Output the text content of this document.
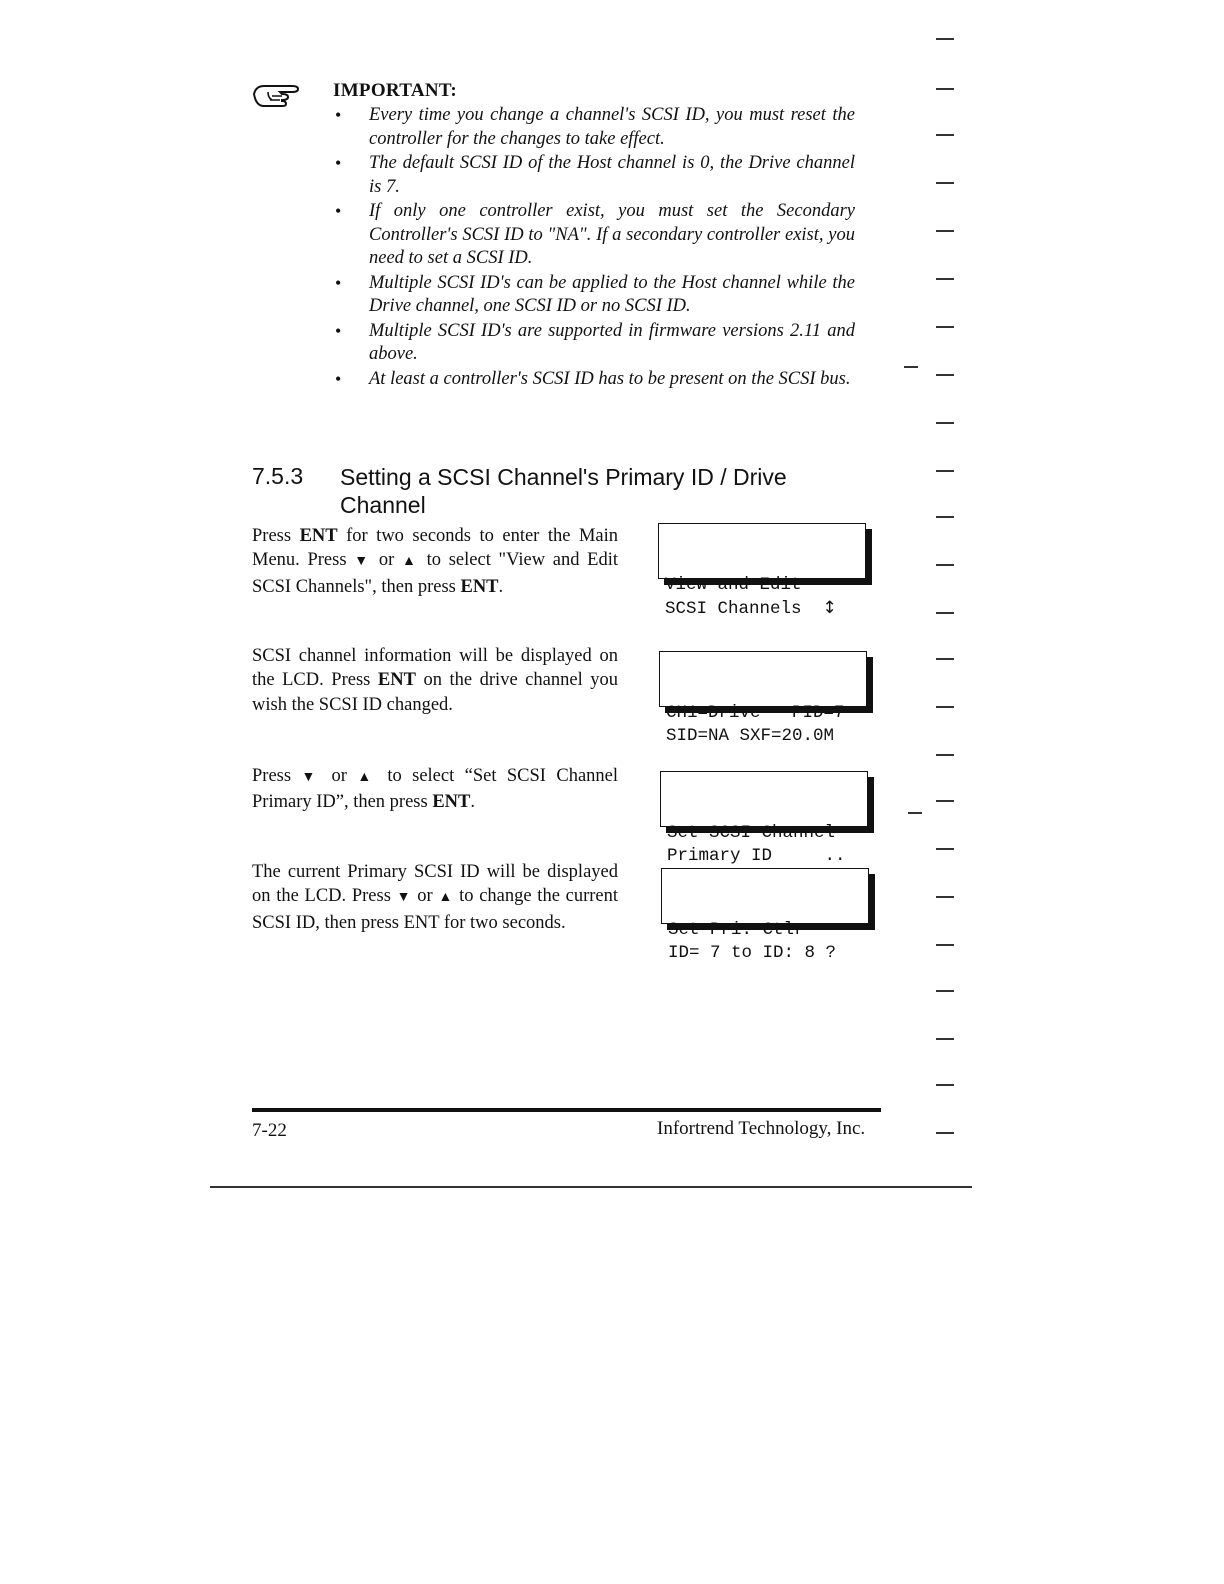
IMPORTANT:
• Every time you change a channel's SCSI ID, you must reset the controller for the changes to take effect.
• The default SCSI ID of the Host channel is 0, the Drive channel is 7.
• If only one controller exist, you must set the Secondary Controller's SCSI ID to "NA". If a secondary controller exist, you need to set a SCSI ID.
• Multiple SCSI ID's can be applied to the Host channel while the Drive channel, one SCSI ID or no SCSI ID.
• Multiple SCSI ID's are supported in firmware versions 2.11 and above.
• At least a controller's SCSI ID has to be present on the SCSI bus.
7.5.3 Setting a SCSI Channel's Primary ID / Drive Channel

Press ENT for two seconds to enter the Main Menu. Press ▼ or ▲ to select "View and Edit SCSI Channels", then press ENT.

SCSI channel information will be displayed on the LCD. Press ENT on the drive channel you wish the SCSI ID changed.

Press ▼ or ▲ to select “Set SCSI Channel Primary ID”, then press ENT.

The current Primary SCSI ID will be displayed on the LCD. Press ▼ or ▲ to change the current SCSI ID, then press ENT for two seconds.

View and Edit
SCSI Channels ↕

CH1=Drive   PID=7
SID=NA SXF=20.0M

Set SCSI Channel
Primary ID     ..

Set Pri. Ctlr
ID= 7 to ID: 8 ?

7-22	Infortrend Technology, Inc.
